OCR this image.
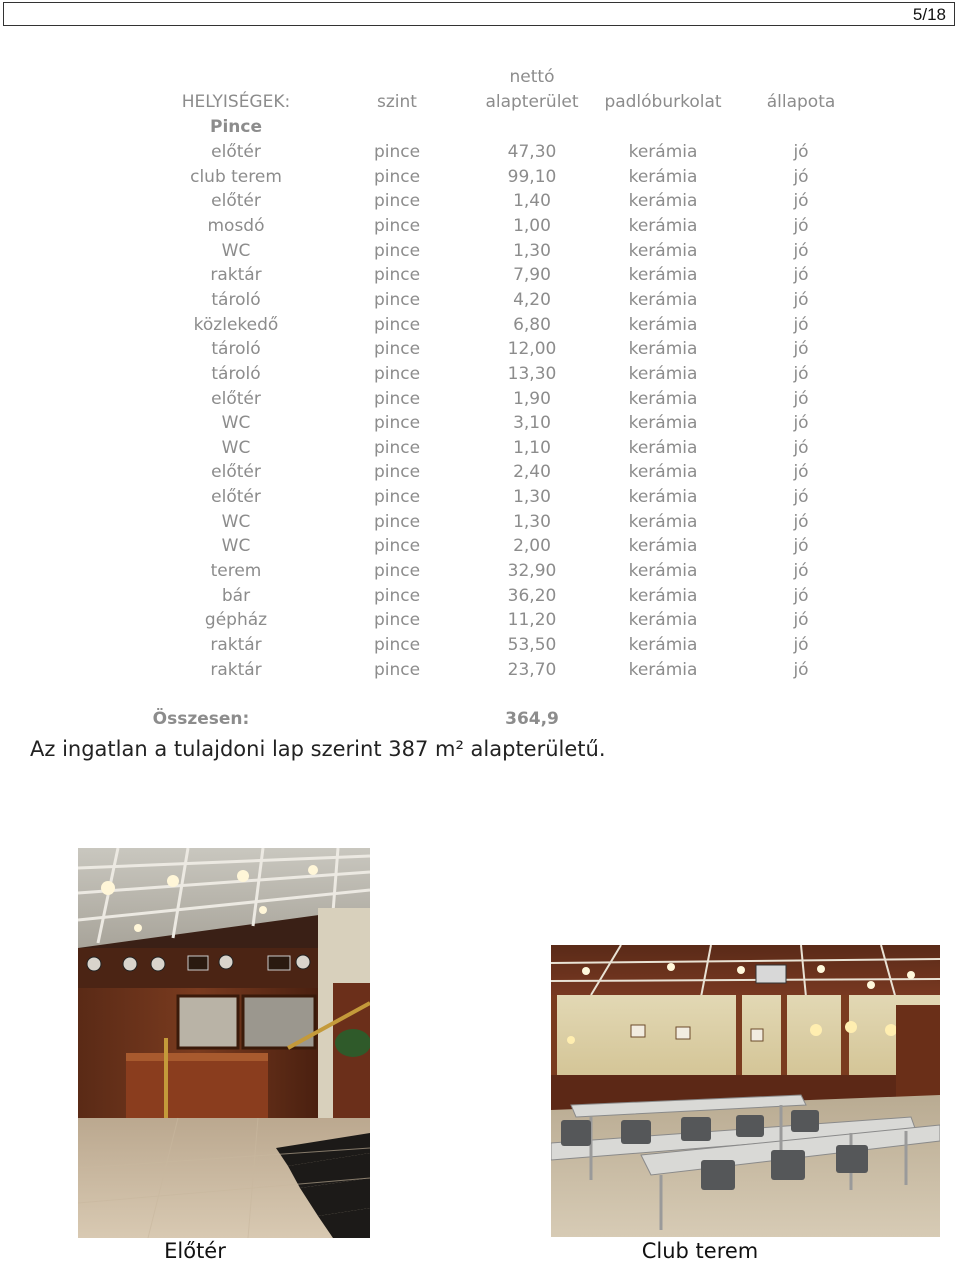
5/18
nettó
HELYISÉGEK:	szint	alapterület	padlóburkolat	állapota
Pince
előtér	pince	47,30	kerámia	jó
club terem	pince	99,10	kerámia	jó
előtér	pince	1,40	kerámia	jó
mosdó	pince	1,00	kerámia	jó
WC	pince	1,30	kerámia	jó
raktár	pince	7,90	kerámia	jó
tároló	pince	4,20	kerámia	jó
közlekedő	pince	6,80	kerámia	jó
tároló	pince	12,00	kerámia	jó
tároló	pince	13,30	kerámia	jó
előtér	pince	1,90	kerámia	jó
WC	pince	3,10	kerámia	jó
WC	pince	1,10	kerámia	jó
előtér	pince	2,40	kerámia	jó
előtér	pince	1,30	kerámia	jó
WC	pince	1,30	kerámia	jó
WC	pince	2,00	kerámia	jó
terem	pince	32,90	kerámia	jó
bár	pince	36,20	kerámia	jó
gépház	pince	11,20	kerámia	jó
raktár	pince	53,50	kerámia	jó
raktár	pince	23,70	kerámia	jó
Összesen:	364,9
Az ingatlan a tulajdoni lap szerint 387 m² alapterületű.
Előtér	Club terem
